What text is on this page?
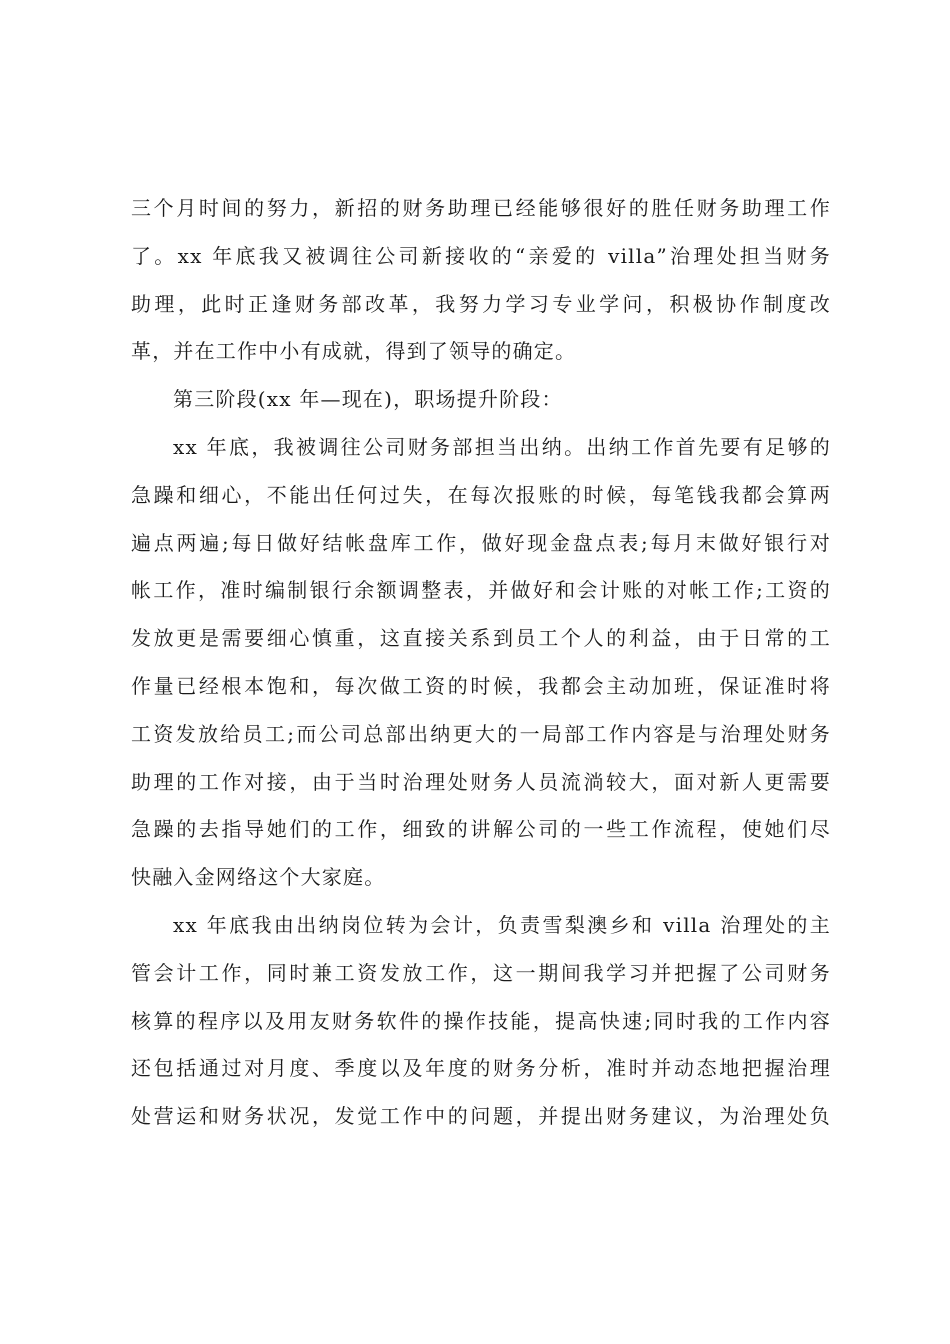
三个月时间的努力，新招的财务助理已经能够很好的胜任财务助理工作
了。xx 年底我又被调往公司新接收的“亲爱的 villa”治理处担当财务
助理，此时正逢财务部改革，我努力学习专业学问，积极协作制度改
革，并在工作中小有成就，得到了领导的确定。
第三阶段(xx 年—现在)，职场提升阶段：
xx 年底，我被调往公司财务部担当出纳。出纳工作首先要有足够的
急躁和细心，不能出任何过失，在每次报账的时候，每笔钱我都会算两
遍点两遍;每日做好结帐盘库工作，做好现金盘点表;每月末做好银行对
帐工作，准时编制银行余额调整表，并做好和会计账的对帐工作;工资的
发放更是需要细心慎重，这直接关系到员工个人的利益，由于日常的工
作量已经根本饱和，每次做工资的时候，我都会主动加班，保证准时将
工资发放给员工;而公司总部出纳更大的一局部工作内容是与治理处财务
助理的工作对接，由于当时治理处财务人员流淌较大，面对新人更需要
急躁的去指导她们的工作，细致的讲解公司的一些工作流程，使她们尽
快融入金网络这个大家庭。
xx 年底我由出纳岗位转为会计，负责雪梨澳乡和 villa 治理处的主
管会计工作，同时兼工资发放工作，这一期间我学习并把握了公司财务
核算的程序以及用友财务软件的操作技能，提高快速;同时我的工作内容
还包括通过对月度、季度以及年度的财务分析，准时并动态地把握治理
处营运和财务状况，发觉工作中的问题，并提出财务建议，为治理处负
